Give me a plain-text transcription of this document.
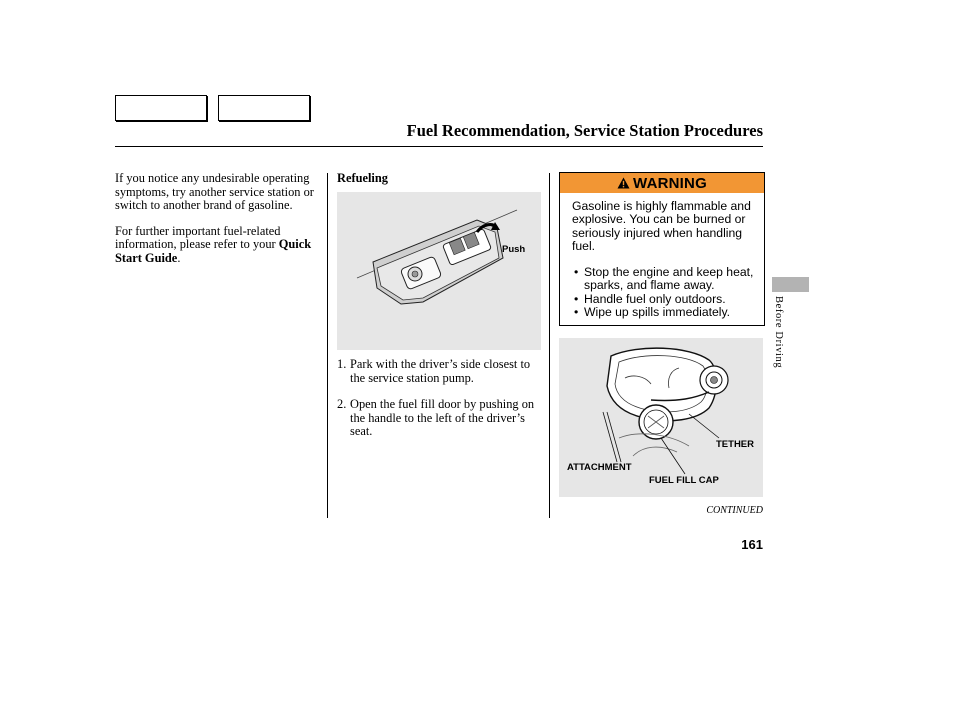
Fuel Recommendation, Service Station Procedures

If you notice any undesirable operating symptoms, try another service station or switch to another brand of gasoline.

For further important fuel-related information, please refer to your Quick Start Guide.

Refueling
Push
1. Park with the driver’s side closest to the service station pump.
2. Open the fuel fill door by pushing on the handle to the left of the driver’s seat.
WARNING
Gasoline is highly flammable and explosive. You can be burned or seriously injured when handling fuel.
• Stop the engine and keep heat, sparks, and flame away.
• Handle fuel only outdoors.
• Wipe up spills immediately.
TETHER
ATTACHMENT
FUEL FILL CAP
CONTINUED
161
Before Driving
